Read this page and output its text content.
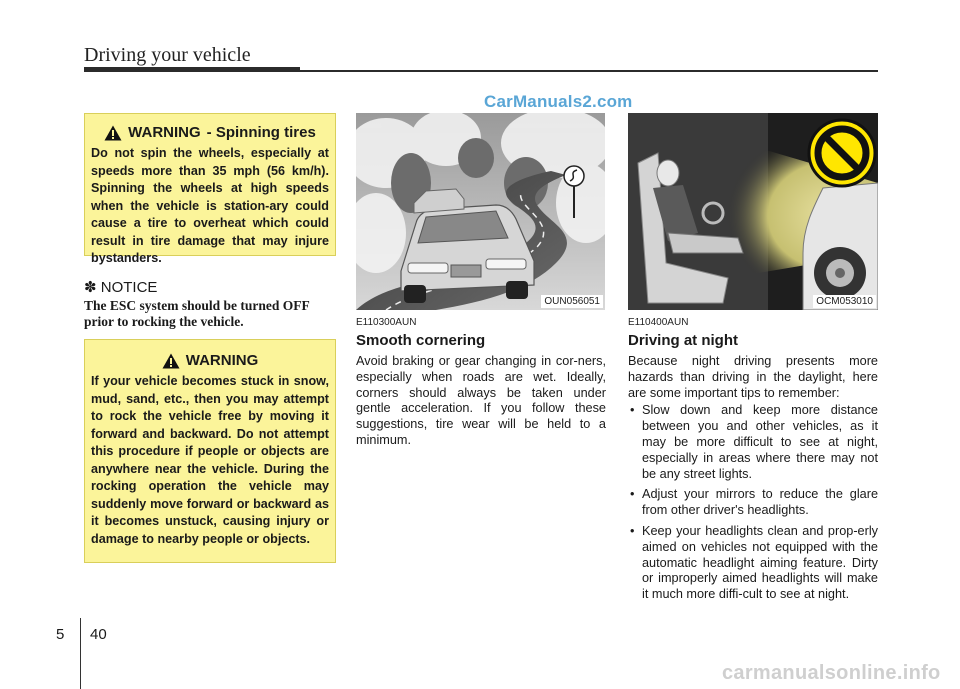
Driving your vehicle
CarManuals2.com
WARNING - Spinning tires
Do not spin the wheels, especially at speeds more than 35 mph (56 km/h). Spinning the wheels at high speeds when the vehicle is station-ary could cause a tire to overheat which could result in tire damage that may injure bystanders.
✽ NOTICE
The ESC system should be turned OFF prior to rocking the vehicle.
WARNING
If your vehicle becomes stuck in snow, mud, sand, etc., then you may attempt to rock the vehicle free by moving it forward and backward. Do not attempt this procedure if people or objects are anywhere near the vehicle. During the rocking operation the vehicle may suddenly move forward or backward as it becomes unstuck, causing injury or damage to nearby people or objects.
OUN056051	OCM053010
E110300AUN
Smooth cornering
Avoid braking or gear changing in cor-ners, especially when roads are wet. Ideally, corners should always be taken under gentle acceleration. If you follow these suggestions, tire wear will be held to a minimum.
E110400AUN
Driving at night
Because night driving presents more hazards than driving in the daylight, here are some important tips to remember:
• Slow down and keep more distance between you and other vehicles, as it may be more difficult to see at night, especially in areas where there may not be any street lights.
• Adjust your mirrors to reduce the glare from other driver's headlights.
• Keep your headlights clean and prop-erly aimed on vehicles not equipped with the automatic headlight aiming feature. Dirty or improperly aimed headlights will make it much more diffi-cult to see at night.
5 40
carmanualsonline.info
